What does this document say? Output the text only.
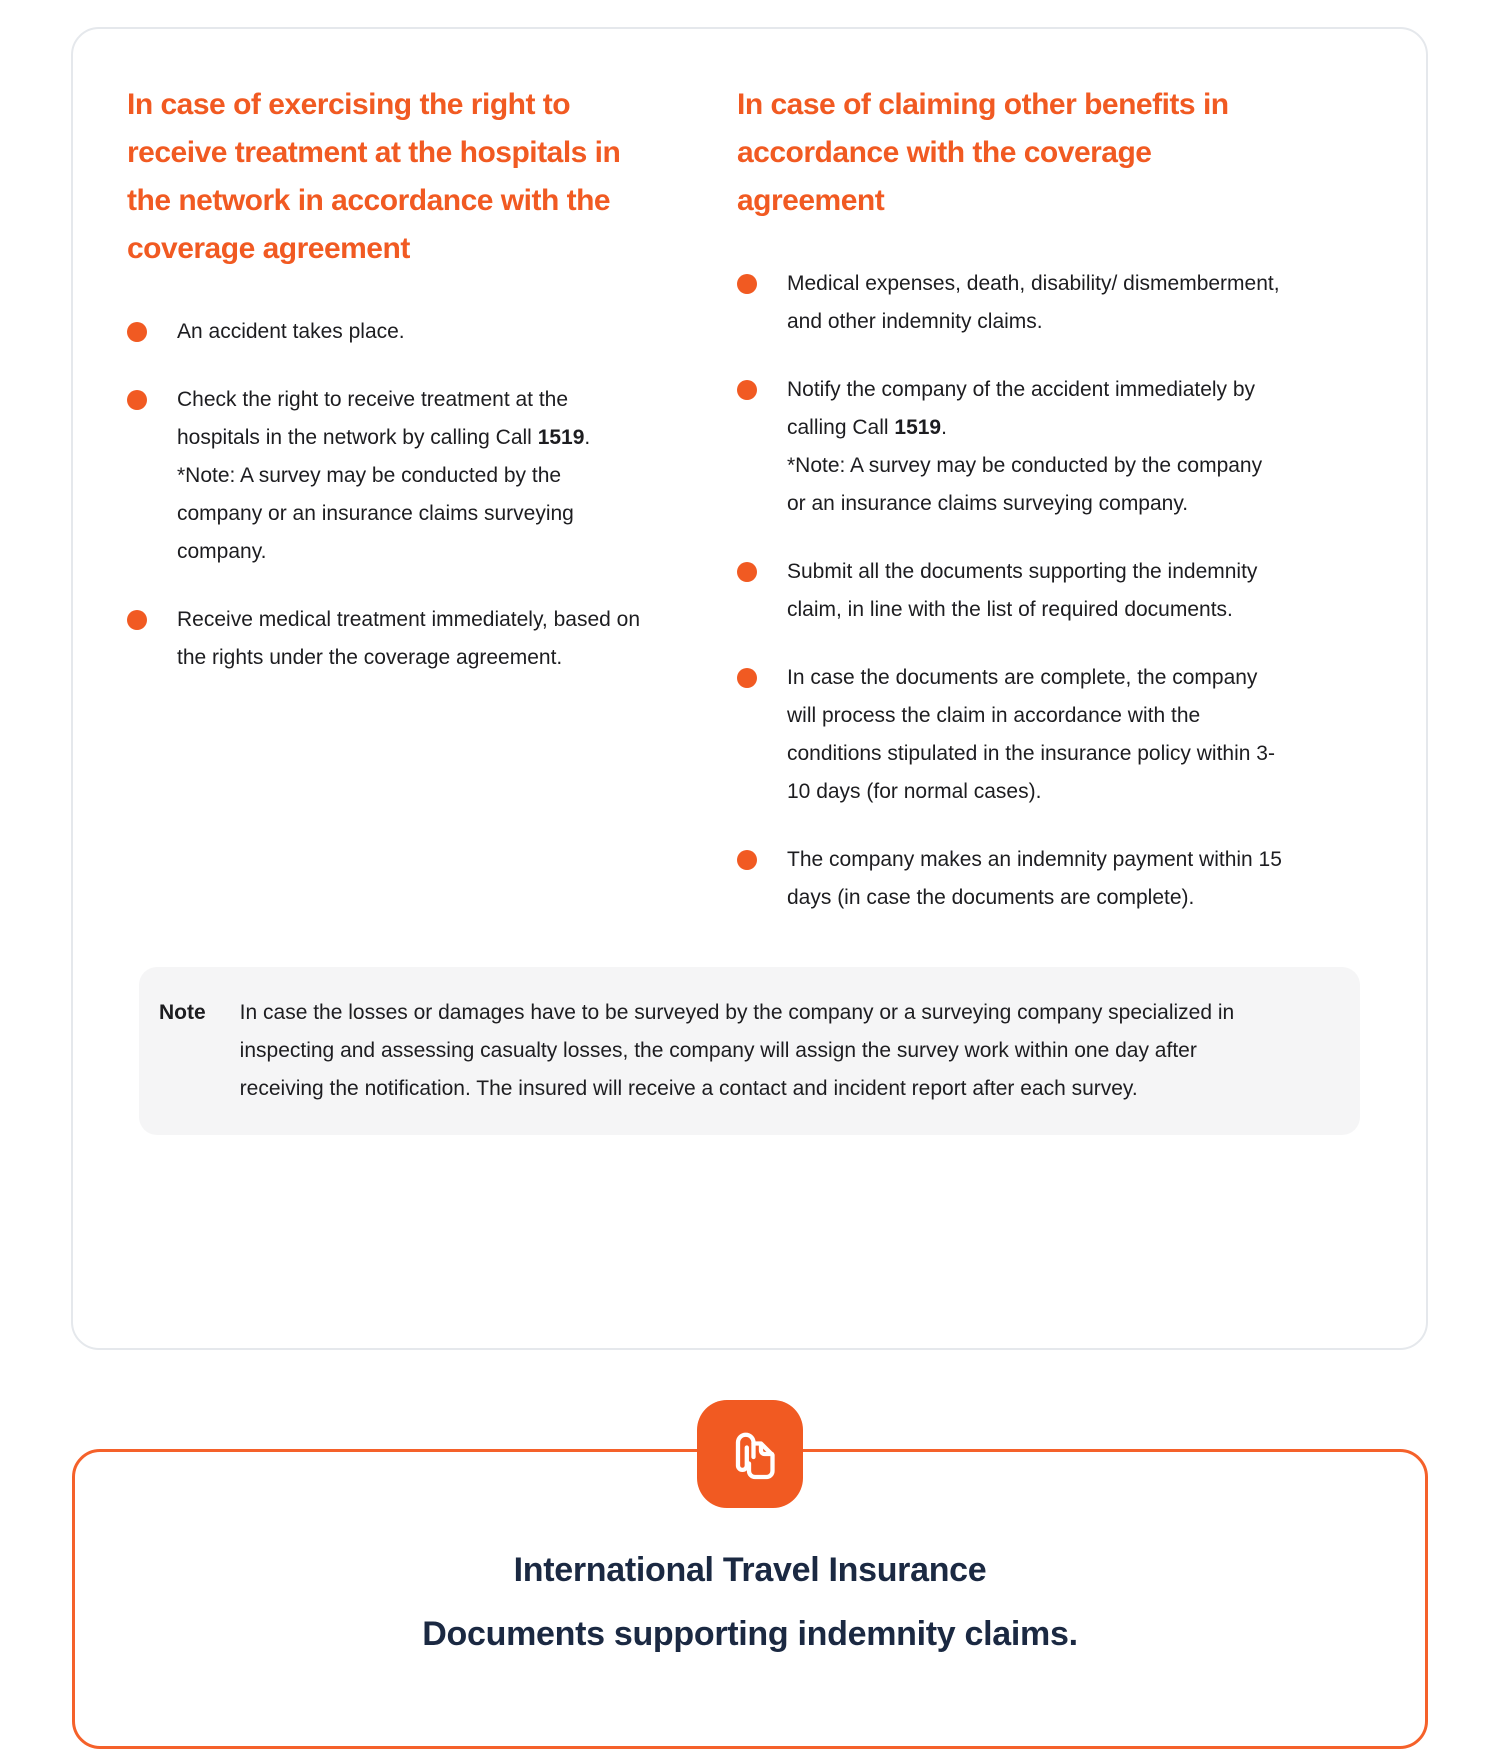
In case of exercising the right to receive treatment at the hospitals in the network in accordance with the coverage agreement

An accident takes place.

Check the right to receive treatment at the hospitals in the network by calling Call 1519. *Note: A survey may be conducted by the company or an insurance claims surveying company.

Receive medical treatment immediately, based on the rights under the coverage agreement.

In case of claiming other benefits in accordance with the coverage agreement

Medical expenses, death, disability/ dismemberment, and other indemnity claims.

Notify the company of the accident immediately by calling Call 1519.
*Note: A survey may be conducted by the company or an insurance claims surveying company.

Submit all the documents supporting the indemnity claim, in line with the list of required documents.

In case the documents are complete, the company will process the claim in accordance with the conditions stipulated in the insurance policy within 3-10 days (for normal cases).

The company makes an indemnity payment within 15 days (in case the documents are complete).

Note In case the losses or damages have to be surveyed by the company or a surveying company specialized in inspecting and assessing casualty losses, the company will assign the survey work within one day after receiving the notification. The insured will receive a contact and incident report after each survey.

International Travel Insurance
Documents supporting indemnity claims.
